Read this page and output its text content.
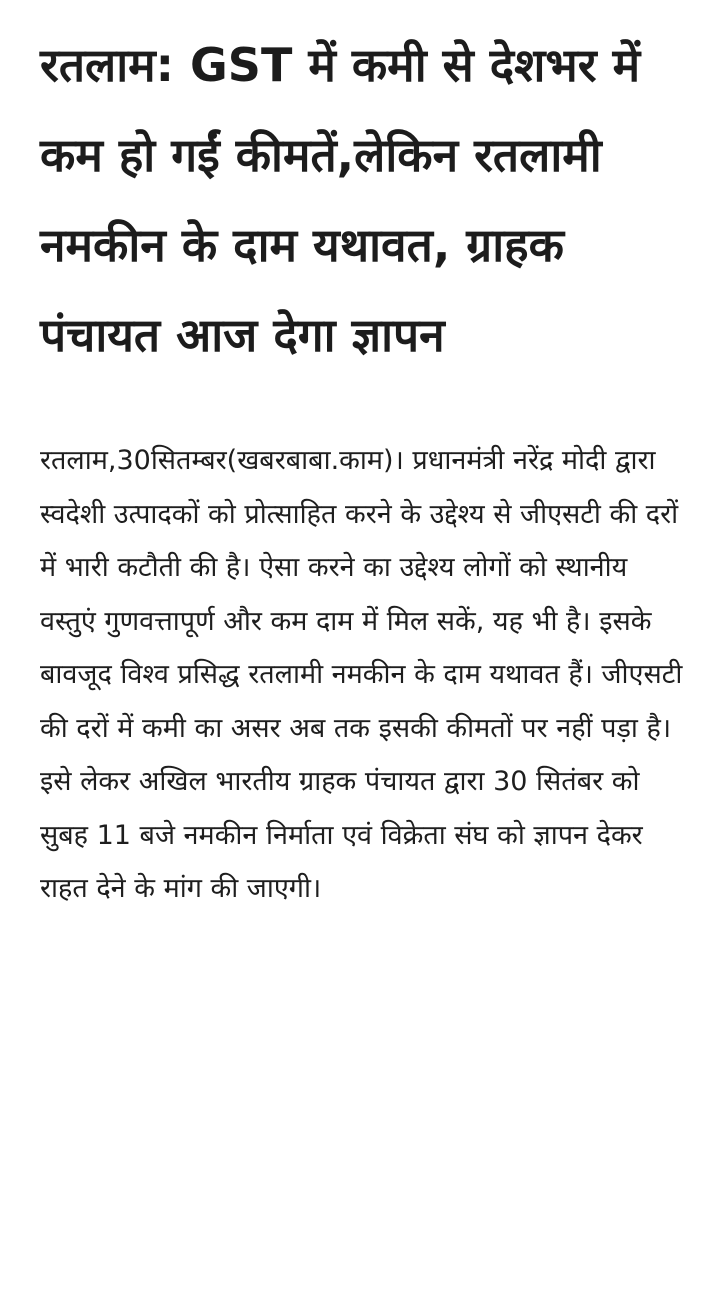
रतलाम: GST में कमी से देशभर में कम हो गईं कीमतें,लेकिन रतलामी नमकीन के दाम यथावत, ग्राहक पंचायत आज देगा ज्ञापन

रतलाम,30सितम्बर(खबरबाबा.काम)। प्रधानमंत्री नरेंद्र मोदी द्वारा स्वदेशी उत्पादकों को प्रोत्साहित करने के उद्देश्य से जीएसटी की दरों में भारी कटौती की है। ऐसा करने का उद्देश्य लोगों को स्थानीय वस्तुएं गुणवत्तापूर्ण और कम दाम में मिल सकें, यह भी है। इसके बावजूद विश्व प्रसिद्ध रतलामी नमकीन के दाम यथावत हैं। जीएसटी की दरों में कमी का असर अब तक इसकी कीमतों पर नहीं पड़ा है। इसे लेकर अखिल भारतीय ग्राहक पंचायत द्वारा 30 सितंबर को सुबह 11 बजे नमकीन निर्माता एवं विक्रेता संघ को ज्ञापन देकर राहत देने के मांग की जाएगी।
